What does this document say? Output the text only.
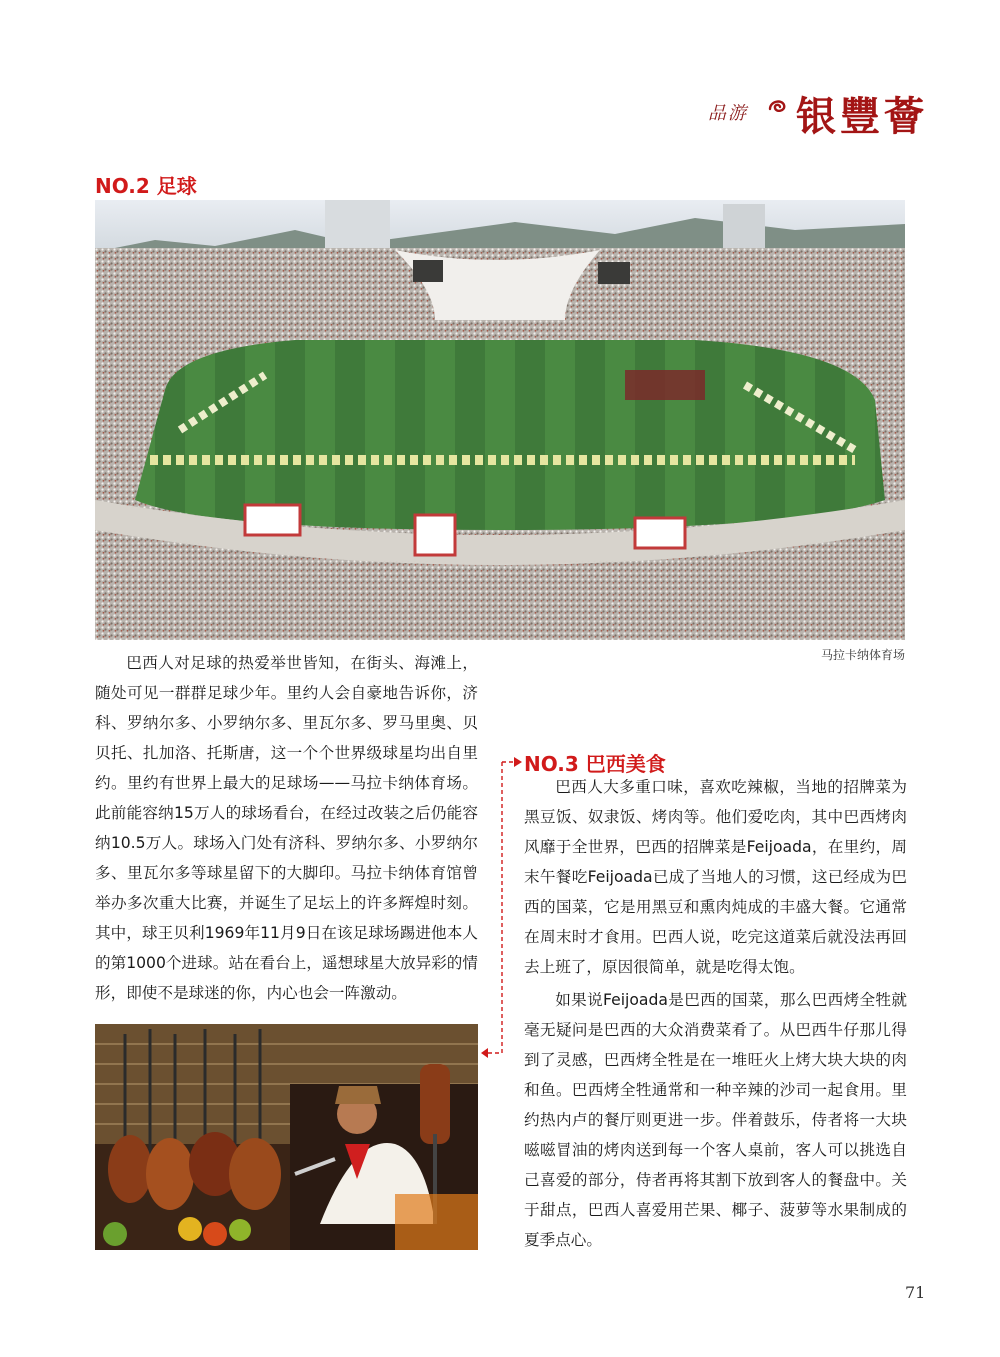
品游 银豐薈
NO.2 足球
马拉卡纳体育场

巴西人对足球的热爱举世皆知，在街头、海滩上，随处可见一群群足球少年。里约人会自豪地告诉你，济科、罗纳尔多、小罗纳尔多、里瓦尔多、罗马里奥、贝贝托、扎加洛、托斯唐，这一个个世界级球星均出自里约。里约有世界上最大的足球场——马拉卡纳体育场。此前能容纳15万人的球场看台，在经过改装之后仍能容纳10.5万人。球场入门处有济科、罗纳尔多、小罗纳尔多、里瓦尔多等球星留下的大脚印。马拉卡纳体育馆曾举办多次重大比赛，并诞生了足坛上的许多辉煌时刻。其中，球王贝利1969年11月9日在该足球场踢进他本人的第1000个进球。站在看台上，遥想球星大放异彩的情形，即使不是球迷的你，内心也会一阵激动。

NO.3 巴西美食

巴西人大多重口味，喜欢吃辣椒，当地的招牌菜为黑豆饭、奴隶饭、烤肉等。他们爱吃肉，其中巴西烤肉风靡于全世界，巴西的招牌菜是Feijoada，在里约，周末午餐吃Feijoada已成了当地人的习惯，这已经成为巴西的国菜，它是用黑豆和熏肉炖成的丰盛大餐。它通常在周末时才食用。巴西人说，吃完这道菜后就没法再回去上班了，原因很简单，就是吃得太饱。

如果说Feijoada是巴西的国菜，那么巴西烤全牲就毫无疑问是巴西的大众消费菜肴了。从巴西牛仔那儿得到了灵感，巴西烤全牲是在一堆旺火上烤大块大块的肉和鱼。巴西烤全牲通常和一种辛辣的沙司一起食用。里约热内卢的餐厅则更进一步。伴着鼓乐，侍者将一大块嗞嗞冒油的烤肉送到每一个客人桌前，客人可以挑选自己喜爱的部分，侍者再将其割下放到客人的餐盘中。关于甜点，巴西人喜爱用芒果、椰子、菠萝等水果制成的夏季点心。

71
